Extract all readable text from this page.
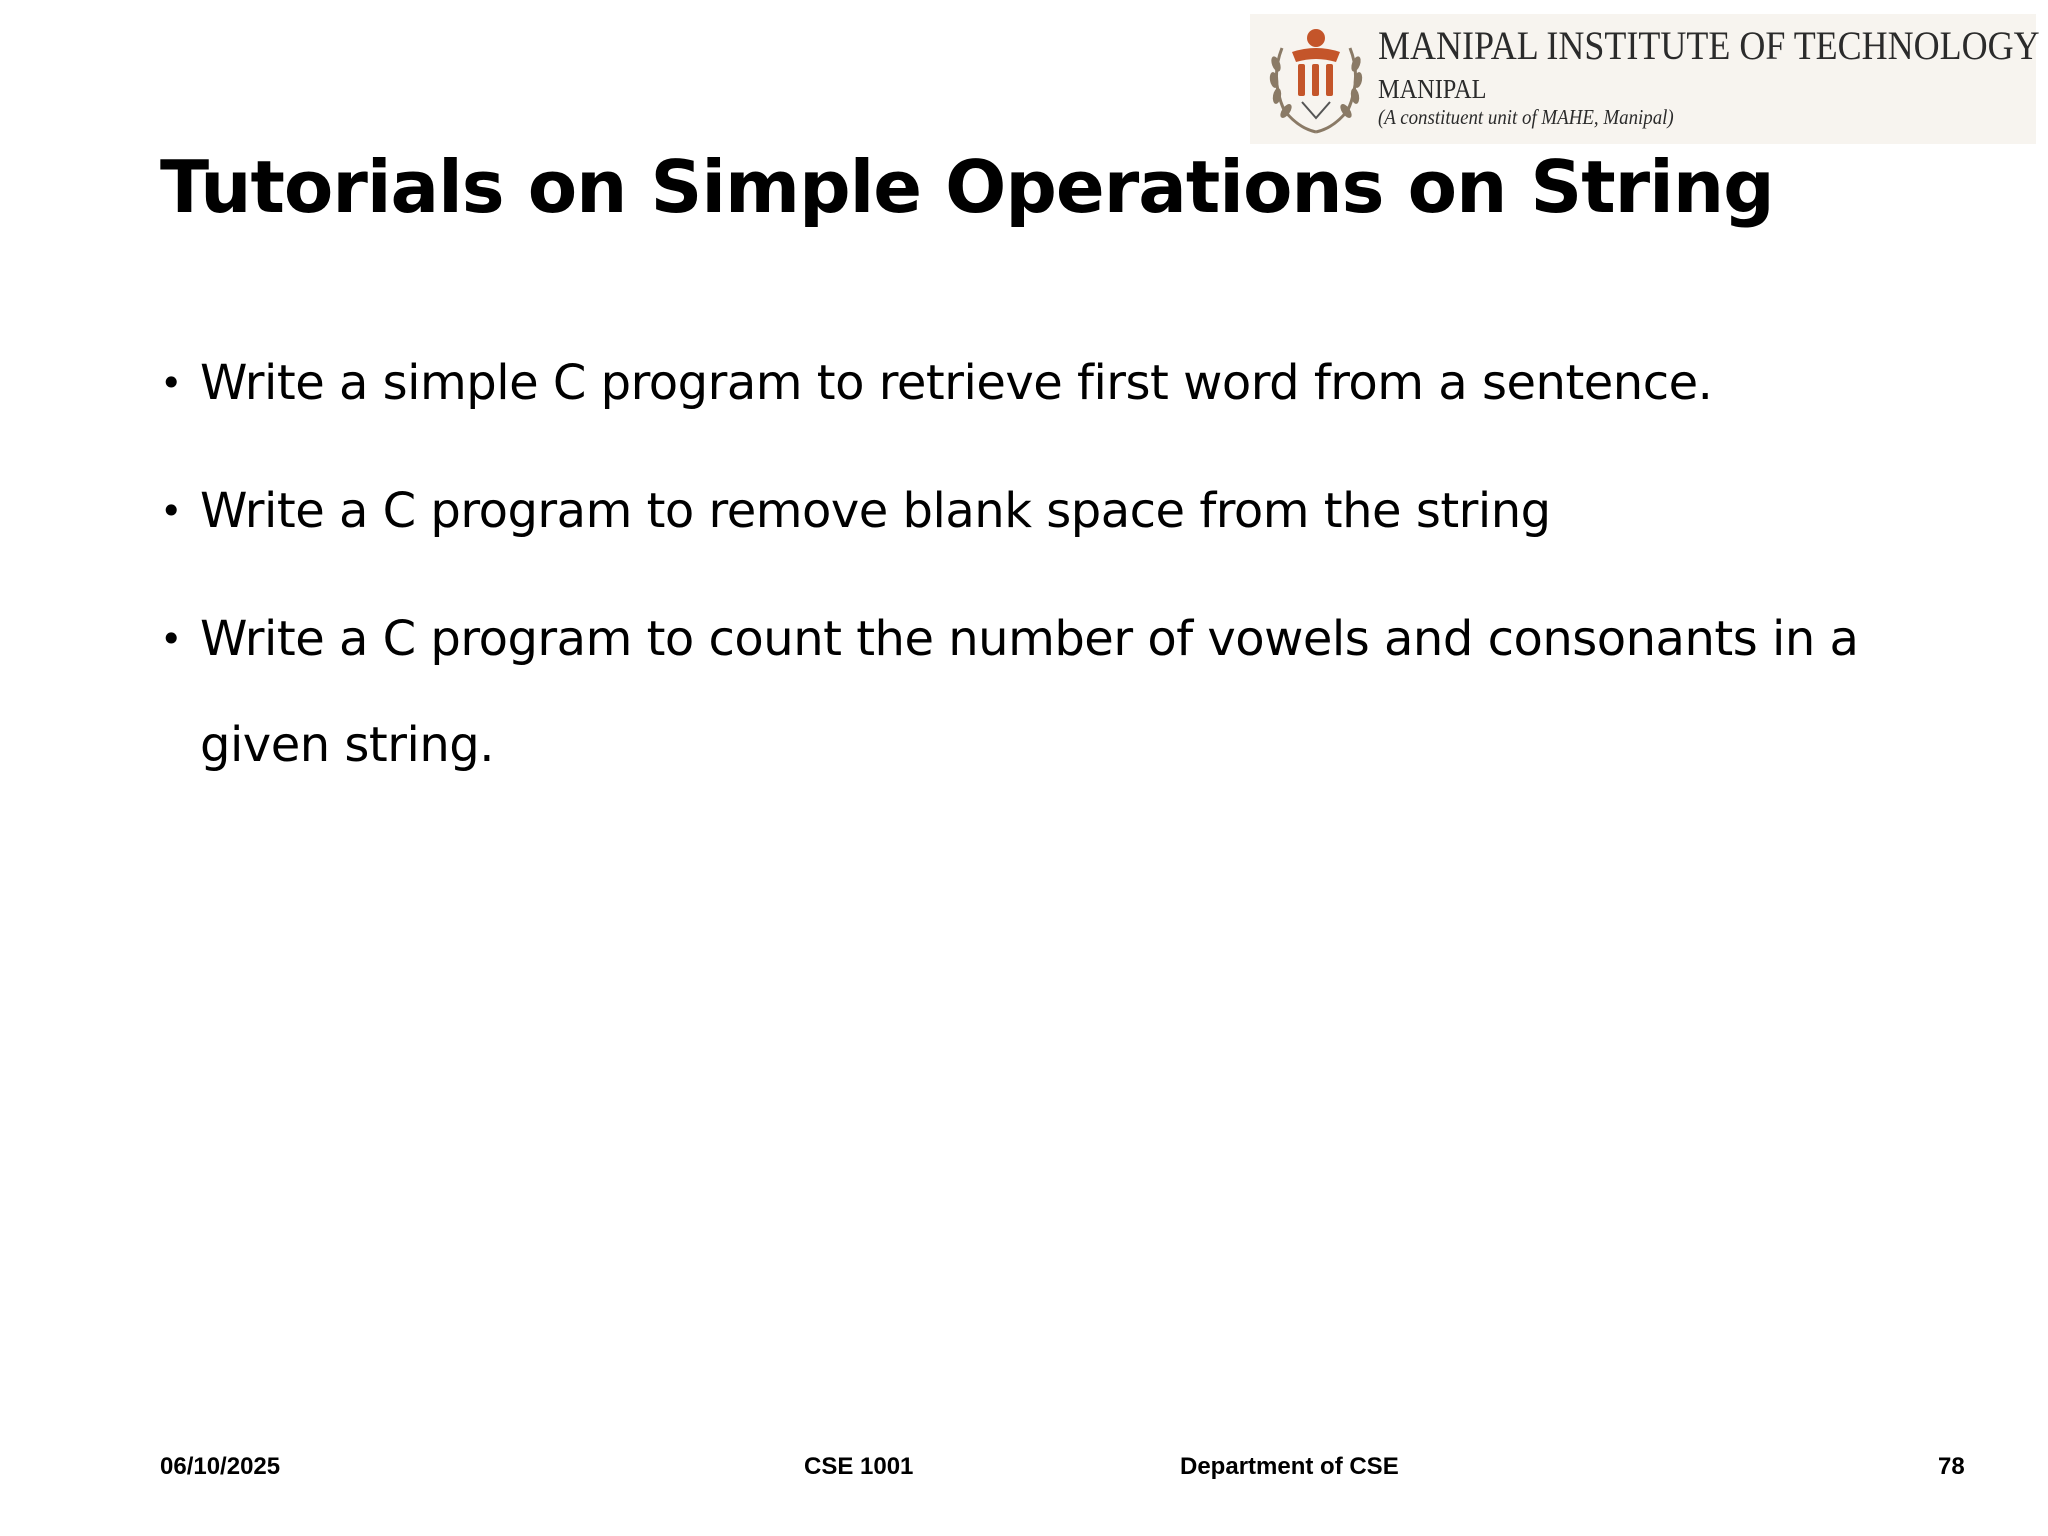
MANIPAL INSTITUTE OF TECHNOLOGY
MANIPAL
(A constituent unit of MAHE, Manipal)
Tutorials on Simple Operations on String
• Write a simple C program to retrieve first word from a sentence.
• Write a C program to remove blank space from the string
• Write a C program to count the number of vowels and consonants in a given string.
06/10/2025	CSE 1001	Department of CSE	78
